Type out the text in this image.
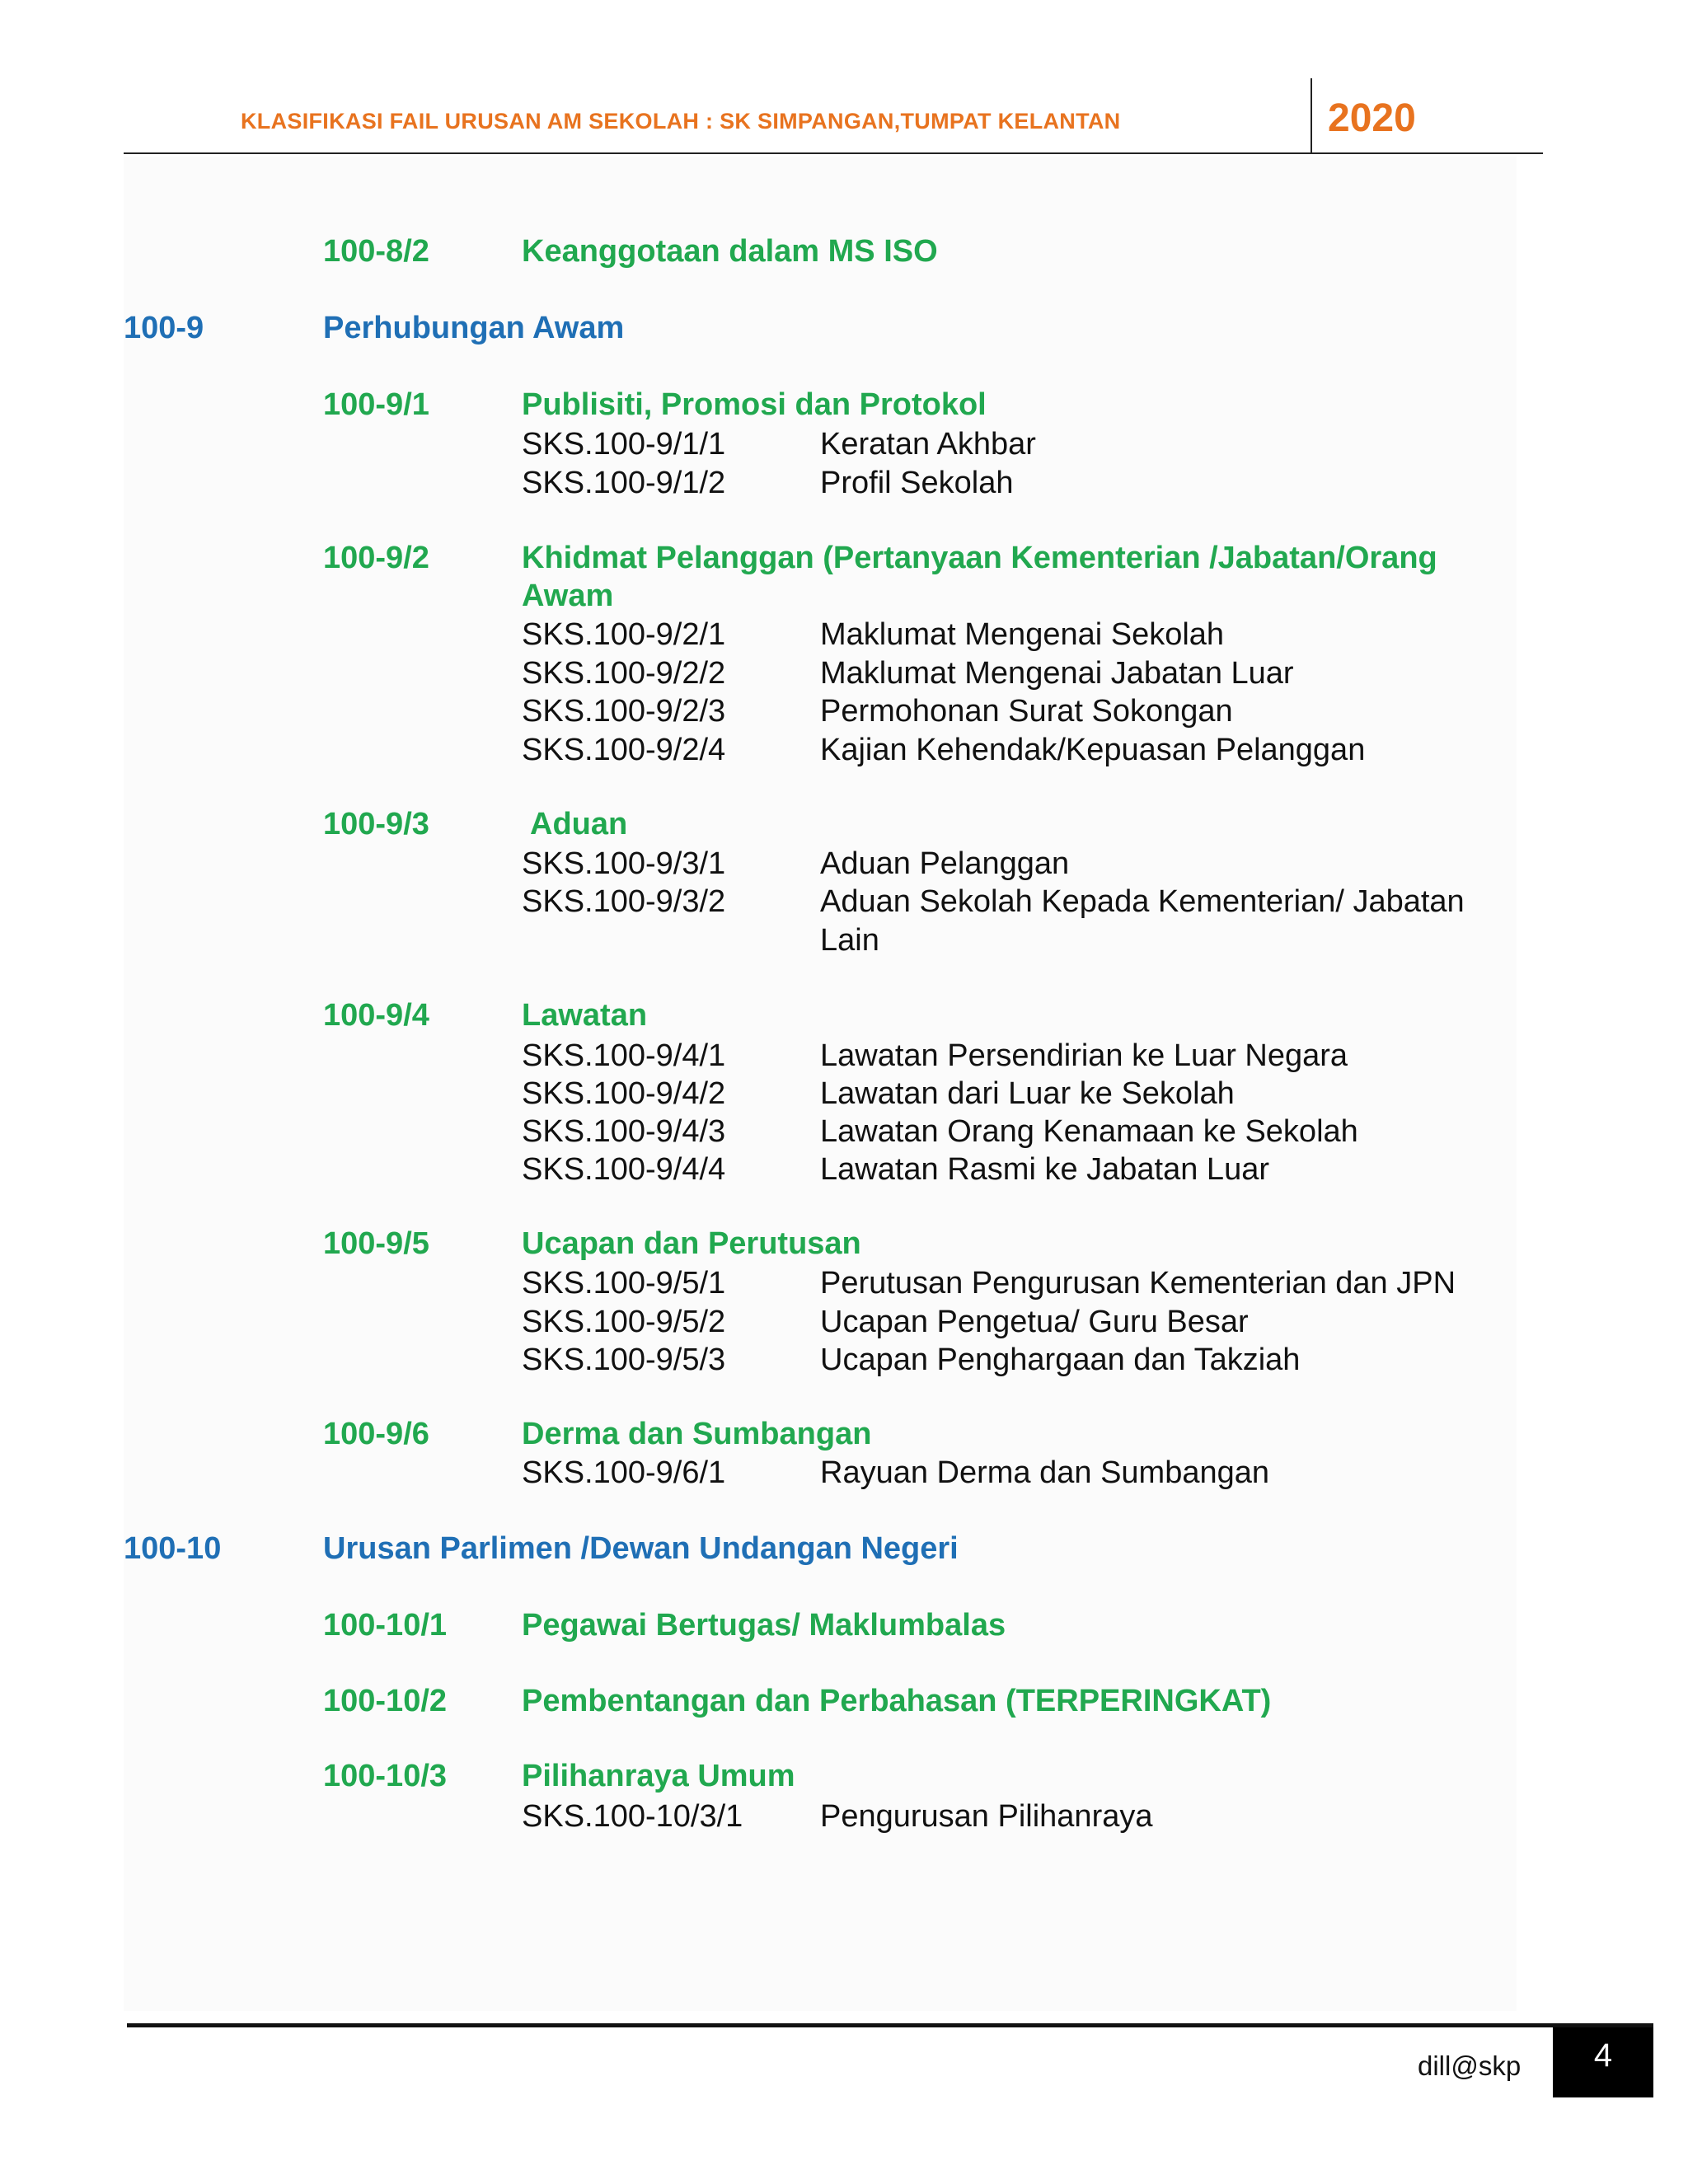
KLASIFIKASI FAIL URUSAN AM SEKOLAH : SK SIMPANGAN,TUMPAT KELANTAN	2020
100-8/2	Keanggotaan dalam MS ISO
100-9	Perhubungan Awam
100-9/1	Publisiti, Promosi dan Protokol
SKS.100-9/1/1	Keratan Akhbar
SKS.100-9/1/2	Profil Sekolah
100-9/2	Khidmat Pelanggan (Pertanyaan Kementerian /Jabatan/Orang
Awam
SKS.100-9/2/1	Maklumat Mengenai Sekolah
SKS.100-9/2/2	Maklumat Mengenai Jabatan Luar
SKS.100-9/2/3	Permohonan Surat Sokongan
SKS.100-9/2/4	Kajian Kehendak/Kepuasan Pelanggan
100-9/3	Aduan
SKS.100-9/3/1	Aduan Pelanggan
SKS.100-9/3/2	Aduan Sekolah Kepada Kementerian/ Jabatan
Lain
100-9/4	Lawatan
SKS.100-9/4/1	Lawatan Persendirian ke Luar Negara
SKS.100-9/4/2	Lawatan dari Luar ke Sekolah
SKS.100-9/4/3	Lawatan Orang Kenamaan ke Sekolah
SKS.100-9/4/4	Lawatan Rasmi ke Jabatan Luar
100-9/5	Ucapan dan Perutusan
SKS.100-9/5/1	Perutusan Pengurusan Kementerian dan JPN
SKS.100-9/5/2	Ucapan Pengetua/ Guru Besar
SKS.100-9/5/3	Ucapan Penghargaan dan Takziah
100-9/6	Derma dan Sumbangan
SKS.100-9/6/1	Rayuan Derma dan Sumbangan
100-10	Urusan Parlimen /Dewan Undangan Negeri
100-10/1 Pegawai Bertugas/ Maklumbalas
100-10/2 Pembentangan dan Perbahasan (TERPERINGKAT)
100-10/3 Pilihanraya Umum
SKS.100-10/3/1 Pengurusan Pilihanraya
dill@skp	4
